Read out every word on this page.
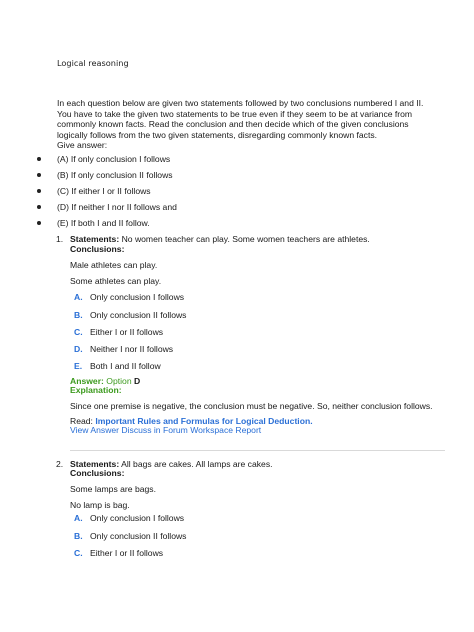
Logical reasoning
In each question below are given two statements followed by two conclusions numbered I and II.
You have to take the given two statements to be true even if they seem to be at variance from
commonly known facts. Read the conclusion and then decide which of the given conclusions
logically follows from the two given statements, disregarding commonly known facts.
Give answer:
(A) If only conclusion I follows
(B) If only conclusion II follows
(C) If either I or II follows
(D) If neither I nor II follows and
(E) If both I and II follow.
1. Statements: No women teacher can play. Some women teachers are athletes.
Conclusions:
Male athletes can play.
Some athletes can play.
A. Only conclusion I follows
B. Only conclusion II follows
C. Either I or II follows
D. Neither I nor II follows
E. Both I and II follow
Answer: Option D
Explanation:
Since one premise is negative, the conclusion must be negative. So, neither conclusion follows.
Read: Important Rules and Formulas for Logical Deduction.
View Answer Discuss in Forum Workspace Report
2. Statements: All bags are cakes. All lamps are cakes.
Conclusions:
Some lamps are bags.
No lamp is bag.
A. Only conclusion I follows
B. Only conclusion II follows
C. Either I or II follows
